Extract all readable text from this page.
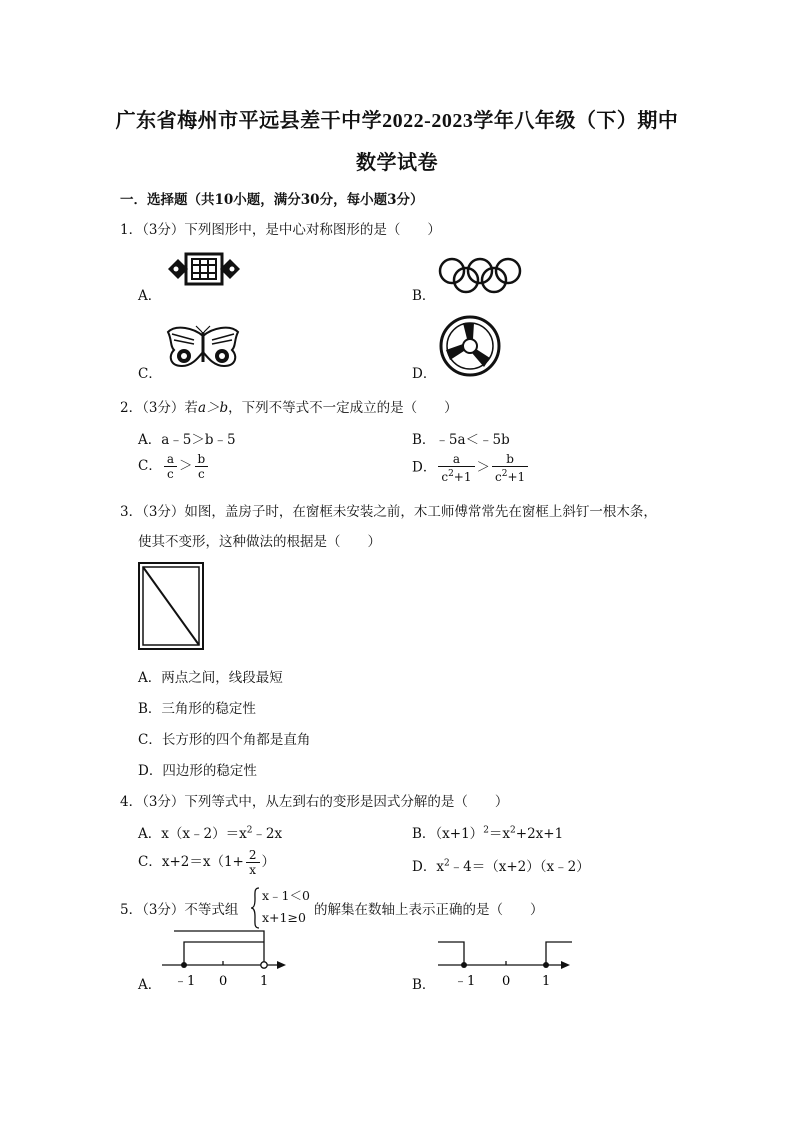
广东省梅州市平远县差干中学2022-2023学年八年级（下）期中
数学试卷
一．选择题（共10小题，满分30分，每小题3分）
1．（3分）下列图形中，是中心对称图形的是（　　）
A．	B．
C．	D．
2．（3分）若a＞b，下列不等式不一定成立的是（　　）
A．a﹣5＞b﹣5	B．﹣5a＜﹣5b
C． $\frac{a}{c} > \frac{b}{c}$	D． $\frac{a}{c^2+1} > \frac{b}{c^2+1}$
3．（3分）如图，盖房子时，在窗框未安装之前，木工师傅常常先在窗框上斜钉一根木条，
使其不变形，这种做法的根据是（　　）
A．两点之间，线段最短
B．三角形的稳定性
C．长方形的四个角都是直角
D．四边形的稳定性
4．（3分）下列等式中，从左到右的变形是因式分解的是（　　）
A．$x(x﹣2)=x^2﹣2x$	B．$(x+1)^2=x^2+2x+1$
C．$x+2=x(1+ \frac{2}{x}$ ）	D．$x^2﹣4=(x+2)(x﹣2)$
5．（3分）不等式组
x﹣1＜0
x+1≥0 的解集在数轴上表示正确的是（　　）
A． ﹣1 0	1	B． ﹣1 0 1
